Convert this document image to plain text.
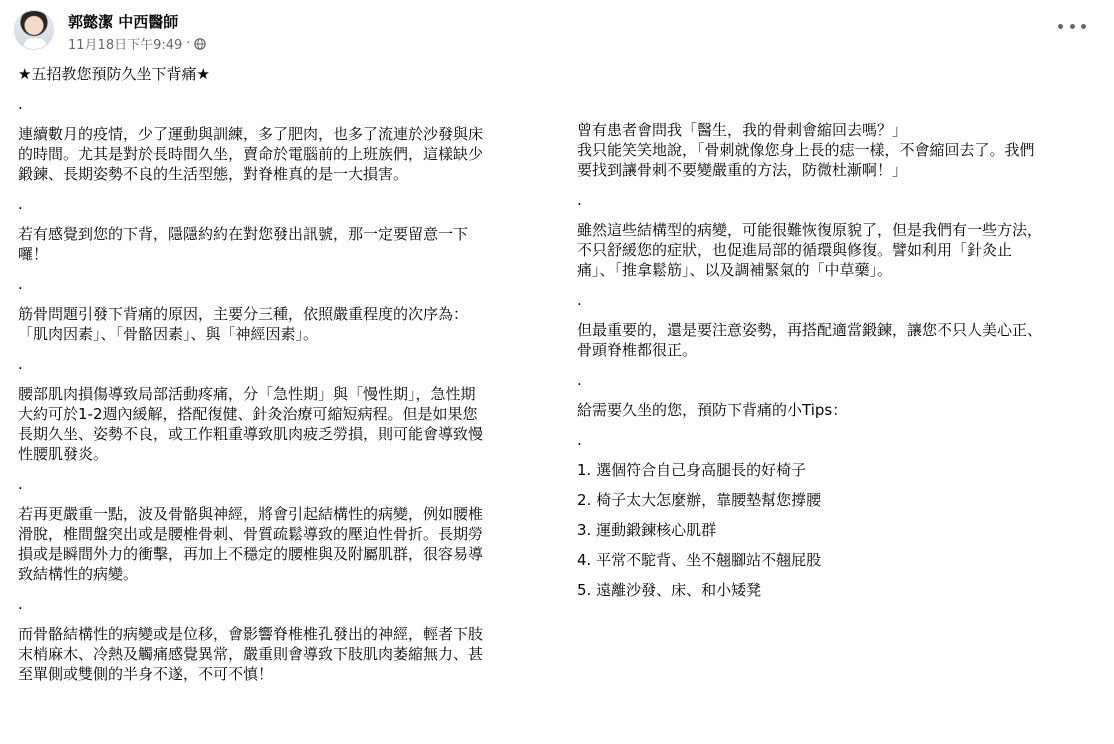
郭懿潔 中西醫師
11月18日下午9:49 ·
★五招教您預防久坐下背痛★

.

連續數月的疫情，少了運動與訓練，多了肥肉，也多了流連於沙發與床
的時間。尤其是對於長時間久坐，賣命於電腦前的上班族們，這樣缺少
鍛鍊、長期姿勢不良的生活型態，對脊椎真的是一大損害。

.

若有感覺到您的下背，隱隱約約在對您發出訊號，那一定要留意一下
囉！

.

筋骨問題引發下背痛的原因，主要分三種，依照嚴重程度的次序為：
「肌肉因素」、「骨骼因素」、與「神經因素」。

.

腰部肌肉損傷導致局部活動疼痛，分「急性期」與「慢性期」，急性期
大約可於1-2週內緩解，搭配復健、針灸治療可縮短病程。但是如果您
長期久坐、姿勢不良，或工作粗重導致肌肉疲乏勞損，則可能會導致慢
性腰肌發炎。

.

若再更嚴重一點，波及骨骼與神經，將會引起結構性的病變，例如腰椎
滑脫，椎間盤突出或是腰椎骨刺、骨質疏鬆導致的壓迫性骨折。長期勞
損或是瞬間外力的衝擊，再加上不穩定的腰椎與及附屬肌群，很容易導
致結構性的病變。

.

而骨骼結構性的病變或是位移，會影響脊椎椎孔發出的神經，輕者下肢
末梢麻木、冷熱及觸痛感覺異常，嚴重則會導致下肢肌肉萎縮無力、甚
至單側或雙側的半身不遂，不可不慎！

曾有患者會問我「醫生，我的骨刺會縮回去嗎？」
我只能笑笑地說，「骨刺就像您身上長的痣一樣，不會縮回去了。我們
要找到讓骨刺不要變嚴重的方法，防微杜漸啊！」

.

雖然這些結構型的病變，可能很難恢復原貌了，但是我們有一些方法，
不只舒緩您的症狀，也促進局部的循環與修復。譬如利用「針灸止
痛」、「推拿鬆筋」、以及調補緊氣的「中草藥」。

.

但最重要的，還是要注意姿勢，再搭配適當鍛鍊，讓您不只人美心正、
骨頭脊椎都很正。

.

給需要久坐的您，預防下背痛的小Tips：

.

1. 選個符合自己身高腿長的好椅子

2. 椅子太大怎麼辦，靠腰墊幫您撐腰

3. 運動鍛鍊核心肌群

4. 平常不駝背、坐不翹腳站不翹屁股

5. 遠離沙發、床、和小矮凳
